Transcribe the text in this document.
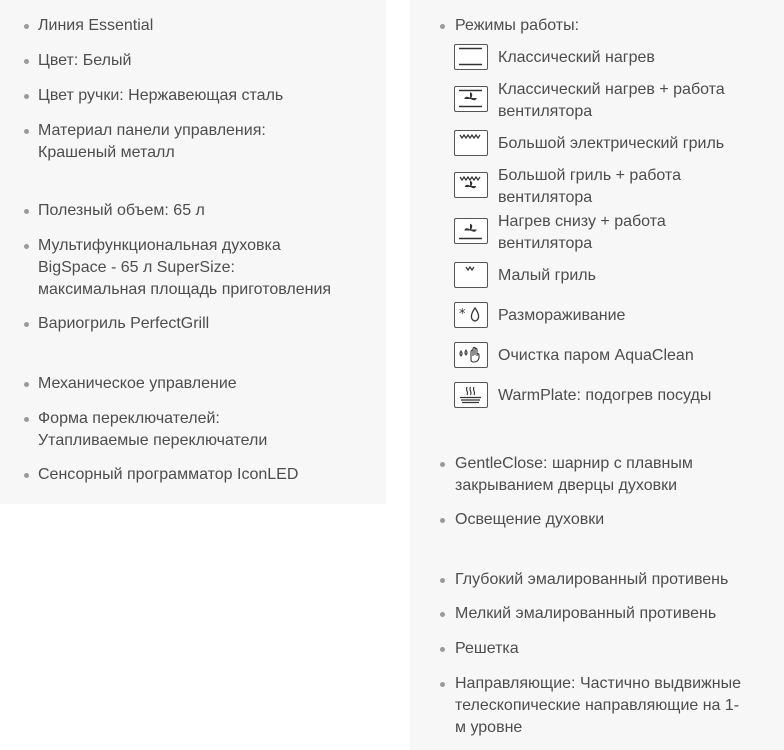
Линия Essential
Цвет: Белый
Цвет ручки: Нержавеющая сталь
Материал панели управления:
Крашеный металл
Полезный объем: 65 л
Мультифункциональная духовка
BigSpace - 65 л SuperSize:
максимальная площадь приготовления
Вариогриль PerfectGrill
Механическое управление
Форма переключателей:
Утапливаемые переключатели
Сенсорный программатор IconLED
Режимы работы:
Классический нагрев
Классический нагрев + работа
вентилятора
Большой электрический гриль
Большой гриль + работа
вентилятора
Нагрев снизу + работа
вентилятора
Малый гриль
* Размораживание
Очистка паром AquaClean
WarmPlate: подогрев посуды
GentleClose: шарнир с плавным
закрыванием дверцы духовки
Освещение духовки
Глубокий эмалированный противень
Мелкий эмалированный противень
Решетка
Направляющие: Частично выдвижные
телескопические направляющие на 1-
м уровне
